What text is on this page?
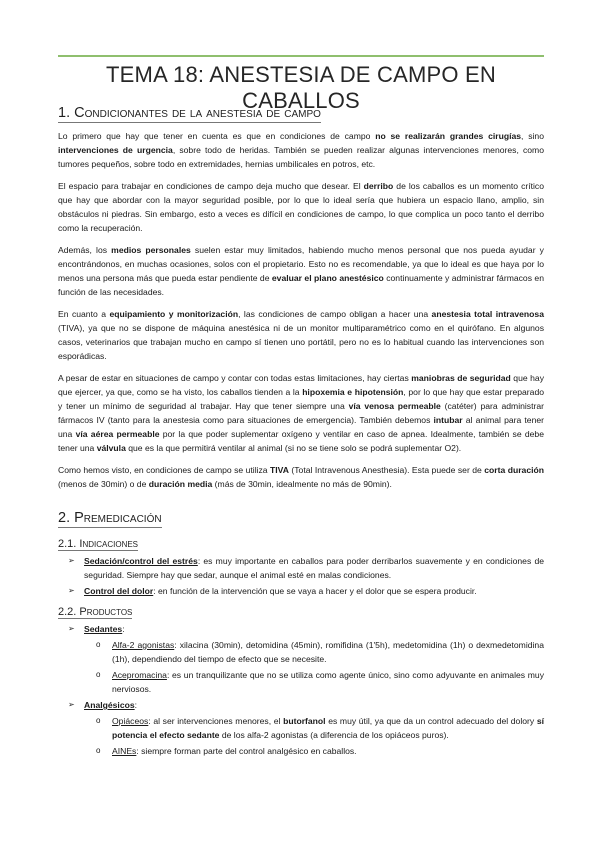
TEMA 18: ANESTESIA DE CAMPO EN CABALLOS
1. Condicionantes de la anestesia de campo

Lo primero que hay que tener en cuenta es que en condiciones de campo no se realizarán grandes cirugías, sino intervenciones de urgencia, sobre todo de heridas. También se pueden realizar algunas intervenciones menores, como tumores pequeños, sobre todo en extremidades, hernias umbilicales en potros, etc.

El espacio para trabajar en condiciones de campo deja mucho que desear. El derribo de los caballos es un momento crítico que hay que abordar con la mayor seguridad posible, por lo que lo ideal sería que hubiera un espacio llano, amplio, sin obstáculos ni piedras. Sin embargo, esto a veces es difícil en condiciones de campo, lo que complica un poco tanto el derribo como la recuperación.

Además, los medios personales suelen estar muy limitados, habiendo mucho menos personal que nos pueda ayudar y encontrándonos, en muchas ocasiones, solos con el propietario. Esto no es recomendable, ya que lo ideal es que haya por lo menos una persona más que pueda estar pendiente de evaluar el plano anestésico continuamente y administrar fármacos en función de las necesidades.

En cuanto a equipamiento y monitorización, las condiciones de campo obligan a hacer una anestesia total intravenosa (TIVA), ya que no se dispone de máquina anestésica ni de un monitor multiparamétrico como en el quirófano. En algunos casos, veterinarios que trabajan mucho en campo sí tienen uno portátil, pero no es lo habitual cuando las intervenciones son esporádicas.

A pesar de estar en situaciones de campo y contar con todas estas limitaciones, hay ciertas maniobras de seguridad que hay que ejercer, ya que, como se ha visto, los caballos tienden a la hipoxemia e hipotensión, por lo que hay que estar preparado y tener un mínimo de seguridad al trabajar. Hay que tener siempre una vía venosa permeable (catéter) para administrar fármacos IV (tanto para la anestesia como para situaciones de emergencia). También debemos intubar al animal para tener una vía aérea permeable por la que poder suplementar oxígeno y ventilar en caso de apnea. Idealmente, también se debe tener una válvula que es la que permitirá ventilar al animal (si no se tiene solo se podrá suplementar O2).

Como hemos visto, en condiciones de campo se utiliza TIVA (Total Intravenous Anesthesia). Esta puede ser de corta duración (menos de 30min) o de duración media (más de 30min, idealmente no más de 90min).

2. Premedicación
2.1. Indicaciones
➢ Sedación/control del estrés: es muy importante en caballos para poder derribarlos suavemente y en condiciones de seguridad. Siempre hay que sedar, aunque el animal esté en malas condiciones.
➢ Control del dolor: en función de la intervención que se vaya a hacer y el dolor que se espera producir.
2.2. Productos
➢ Sedantes:
o Alfa-2 agonistas: xilacina (30min), detomidina (45min), romifidina (1'5h), medetomidina (1h) o dexmedetomidina (1h), dependiendo del tiempo de efecto que se necesite.
o Acepromacina: es un tranquilizante que no se utiliza como agente único, sino como adyuvante en animales muy nerviosos.
➢ Analgésicos:
o Opiáceos: al ser intervenciones menores, el butorfanol es muy útil, ya que da un control adecuado del dolory sí potencia el efecto sedante de los alfa-2 agonistas (a diferencia de los opiáceos puros).
o AINEs: siempre forman parte del control analgésico en caballos.
